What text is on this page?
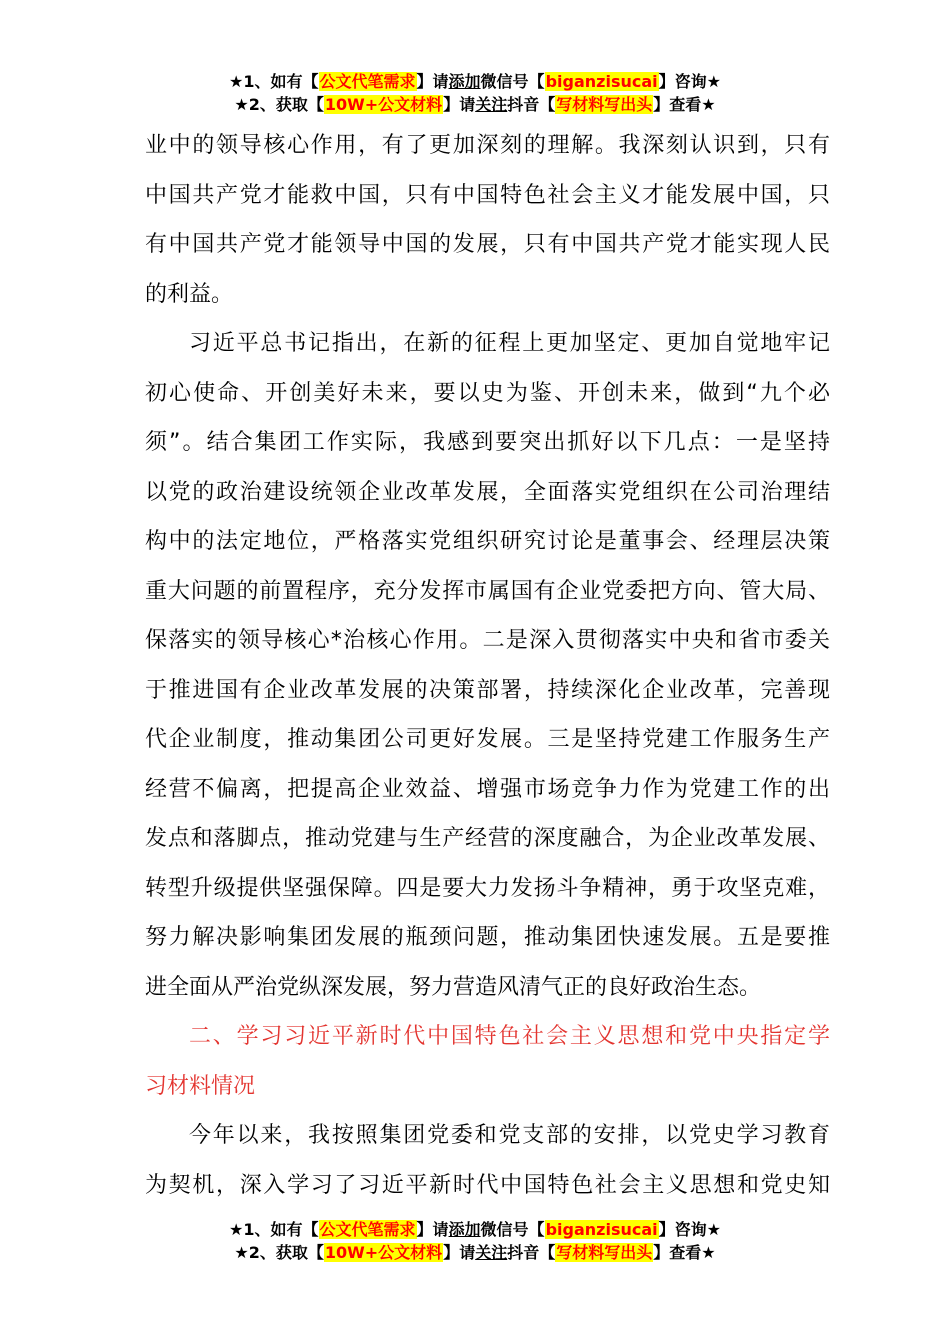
★1、如有【公文代笔需求】请添加微信号【biganzisucai】咨询★
★2、获取【10W+公文材料】请关注抖音【写材料写出头】查看★
业中的领导核心作用，有了更加深刻的理解。我深刻认识到，只有
中国共产党才能救中国，只有中国特色社会主义才能发展中国，只
有中国共产党才能领导中国的发展，只有中国共产党才能实现人民
的利益。
习近平总书记指出，在新的征程上更加坚定、更加自觉地牢记
初心使命、开创美好未来，要以史为鉴、开创未来，做到“九个必
须”。结合集团工作实际，我感到要突出抓好以下几点：一是坚持
以党的政治建设统领企业改革发展，全面落实党组织在公司治理结
构中的法定地位，严格落实党组织研究讨论是董事会、经理层决策
重大问题的前置程序，充分发挥市属国有企业党委把方向、管大局、
保落实的领导核心*治核心作用。二是深入贯彻落实中央和省市委关
于推进国有企业改革发展的决策部署，持续深化企业改革，完善现
代企业制度，推动集团公司更好发展。三是坚持党建工作服务生产
经营不偏离，把提高企业效益、增强市场竞争力作为党建工作的出
发点和落脚点，推动党建与生产经营的深度融合，为企业改革发展、
转型升级提供坚强保障。四是要大力发扬斗争精神，勇于攻坚克难，
努力解决影响集团发展的瓶颈问题，推动集团快速发展。五是要推
进全面从严治党纵深发展，努力营造风清气正的良好政治生态。
二、学习习近平新时代中国特色社会主义思想和党中央指定学
习材料情况
今年以来，我按照集团党委和党支部的安排，以党史学习教育
为契机，深入学习了习近平新时代中国特色社会主义思想和党史知
★1、如有【公文代笔需求】请添加微信号【biganzisucai】咨询★
★2、获取【10W+公文材料】请关注抖音【写材料写出头】查看★
